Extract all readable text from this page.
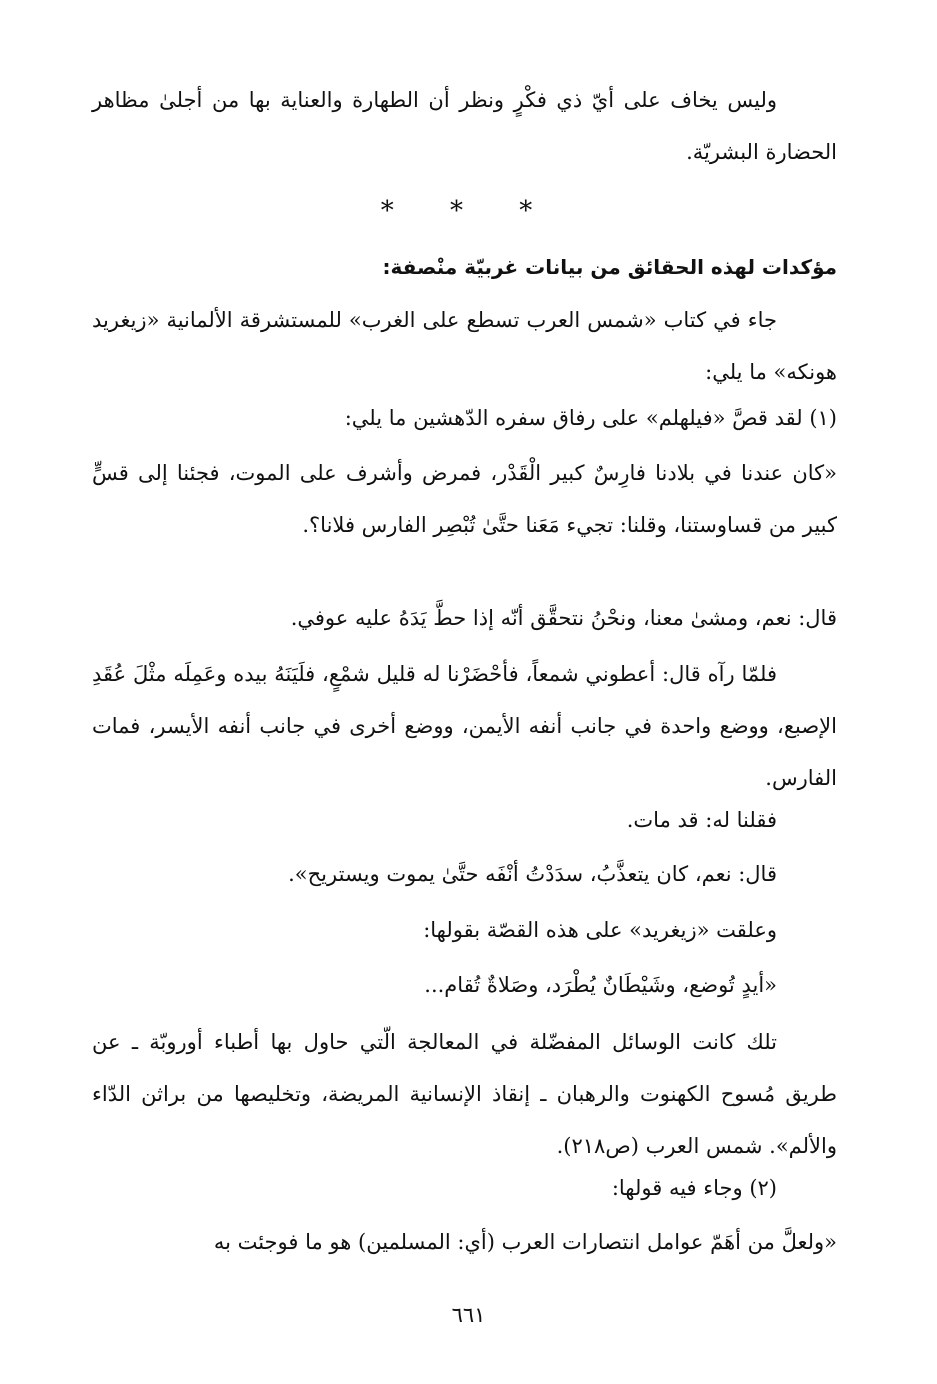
وليس يخاف على أيّ ذي فكْرٍ ونظر أن الطهارة والعناية بها من أجلىٰ مظاهر الحضارة البشريّة.
* * *
مؤكدات لهذه الحقائق من بيانات غربيّة منْصفة:
جاء في كتاب «شمس العرب تسطع على الغرب» للمستشرقة الألمانية «زيغريد هونكه» ما يلي:
(١) لقد قصَّ «فيلهلم» على رفاق سفره الدّهشين ما يلي:
«كان عندنا في بلادنا فارِسٌ كبير الْقَدْر، فمرض وأشرف على الموت، فجئنا إلى قسٍّ كبير من قساوستنا، وقلنا: تجيء مَعَنا حتَّىٰ تُبْصِر الفارس فلانا؟.
قال: نعم، ومشىٰ معنا، ونحْنُ نتحقَّق أنّه إذا حطَّ يَدَهُ عليه عوفي.
فلمّا رآه قال: أعطوني شمعاً، فأحْضَرْنا له قليل شمْعٍ، فلَيَنَهُ بيده وعَمِلَه مثْلَ عُقَدِ الإصبع، ووضع واحدة في جانب أنفه الأيمن، ووضع أخرى في جانب أنفه الأيسر، فمات الفارس.
فقلنا له: قد مات.
قال: نعم، كان يتعذَّبُ، سدَدْتُ أنْفَه حتَّىٰ يموت ويستريح».
وعلقت «زيغريد» على هذه القصّة بقولها:
«أيدٍ تُوضع، وشَيْطَانٌ يُطْرَد، وصَلاةٌ تُقام...
تلك كانت الوسائل المفضّلة في المعالجة الّتي حاول بها أطباء أوروبّة ـ عن طريق مُسوح الكهنوت والرهبان ـ إنقاذ الإنسانية المريضة، وتخليصها من براثن الدّاء والألم». شمس العرب (ص٢١٨).
(٢) وجاء فيه قولها:
«ولعلَّ من أهَمّ عوامل انتصارات العرب (أي: المسلمين) هو ما فوجئت به
٦٦١
